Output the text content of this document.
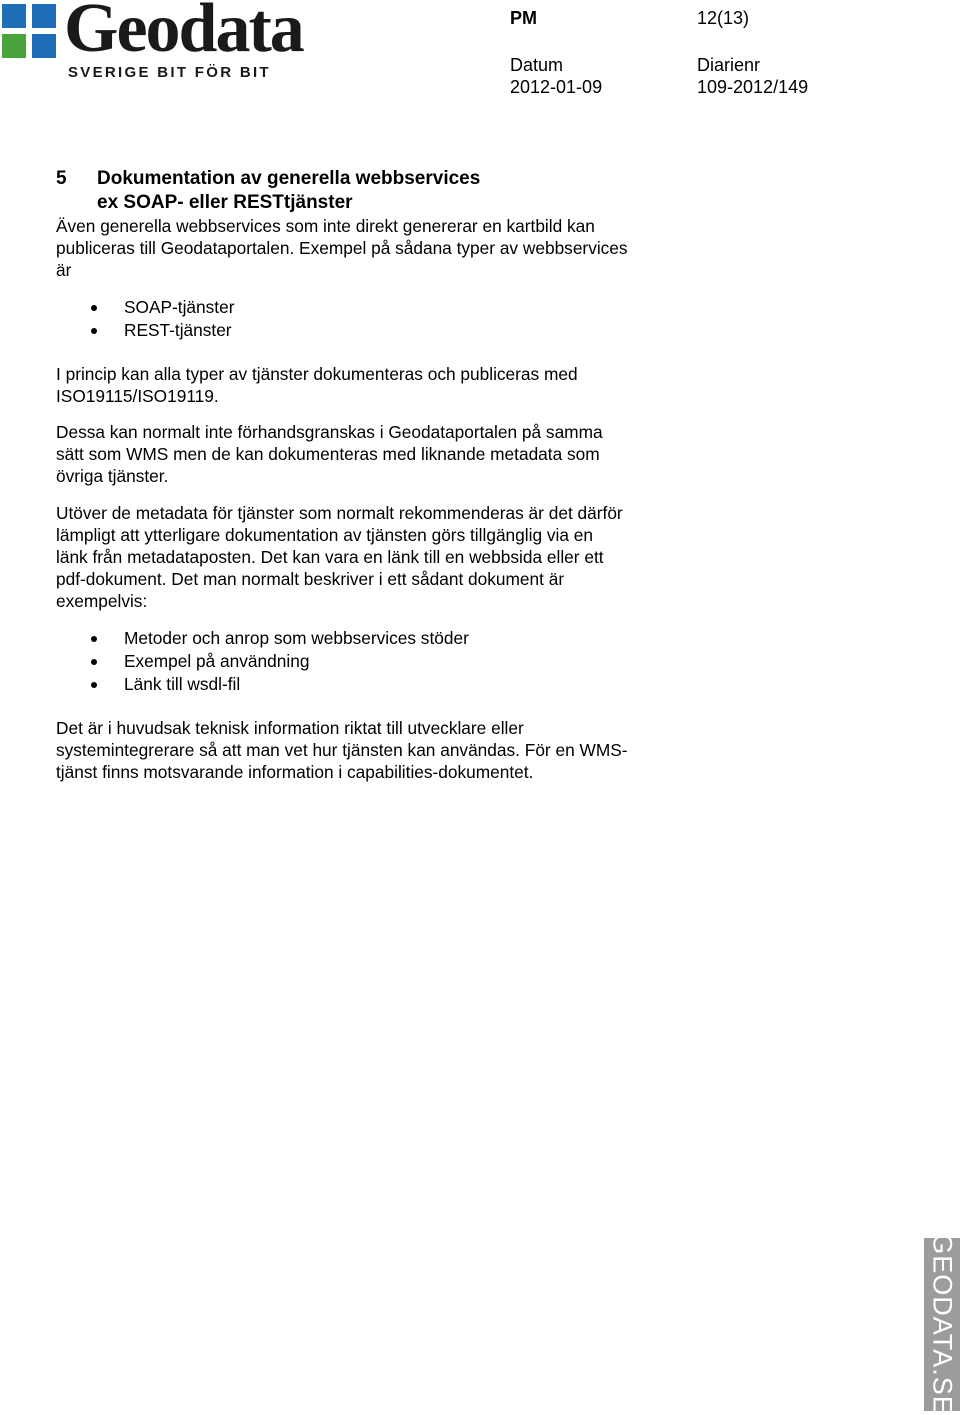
Geodata
SVERIGE BIT FÖR BIT
PM	12(13)
Datum
2012-01-09
Diarienr
109-2012/149
5	Dokumentation av generella webbservices
ex SOAP- eller RESTtjänster

Även generella webbservices som inte direkt genererar en kartbild kan
publiceras till Geodataportalen. Exempel på sådana typer av webbservices
är

SOAP-tjänster
REST-tjänster

I princip kan alla typer av tjänster dokumenteras och publiceras med
ISO19115/ISO19119.

Dessa kan normalt inte förhandsgranskas i Geodataportalen på samma
sätt som WMS men de kan dokumenteras med liknande metadata som
övriga tjänster.

Utöver de metadata för tjänster som normalt rekommenderas är det därför
lämpligt att ytterligare dokumentation av tjänsten görs tillgänglig via en
länk från metadataposten. Det kan vara en länk till en webbsida eller ett
pdf-dokument. Det man normalt beskriver i ett sådant dokument är
exempelvis:

Metoder och anrop som webbservices stöder
Exempel på användning
Länk till wsdl-fil

Det är i huvudsak teknisk information riktat till utvecklare eller
systemintegrerare så att man vet hur tjänsten kan användas. För en WMS-
tjänst finns motsvarande information i capabilities-dokumentet.

GEODATA.SE
